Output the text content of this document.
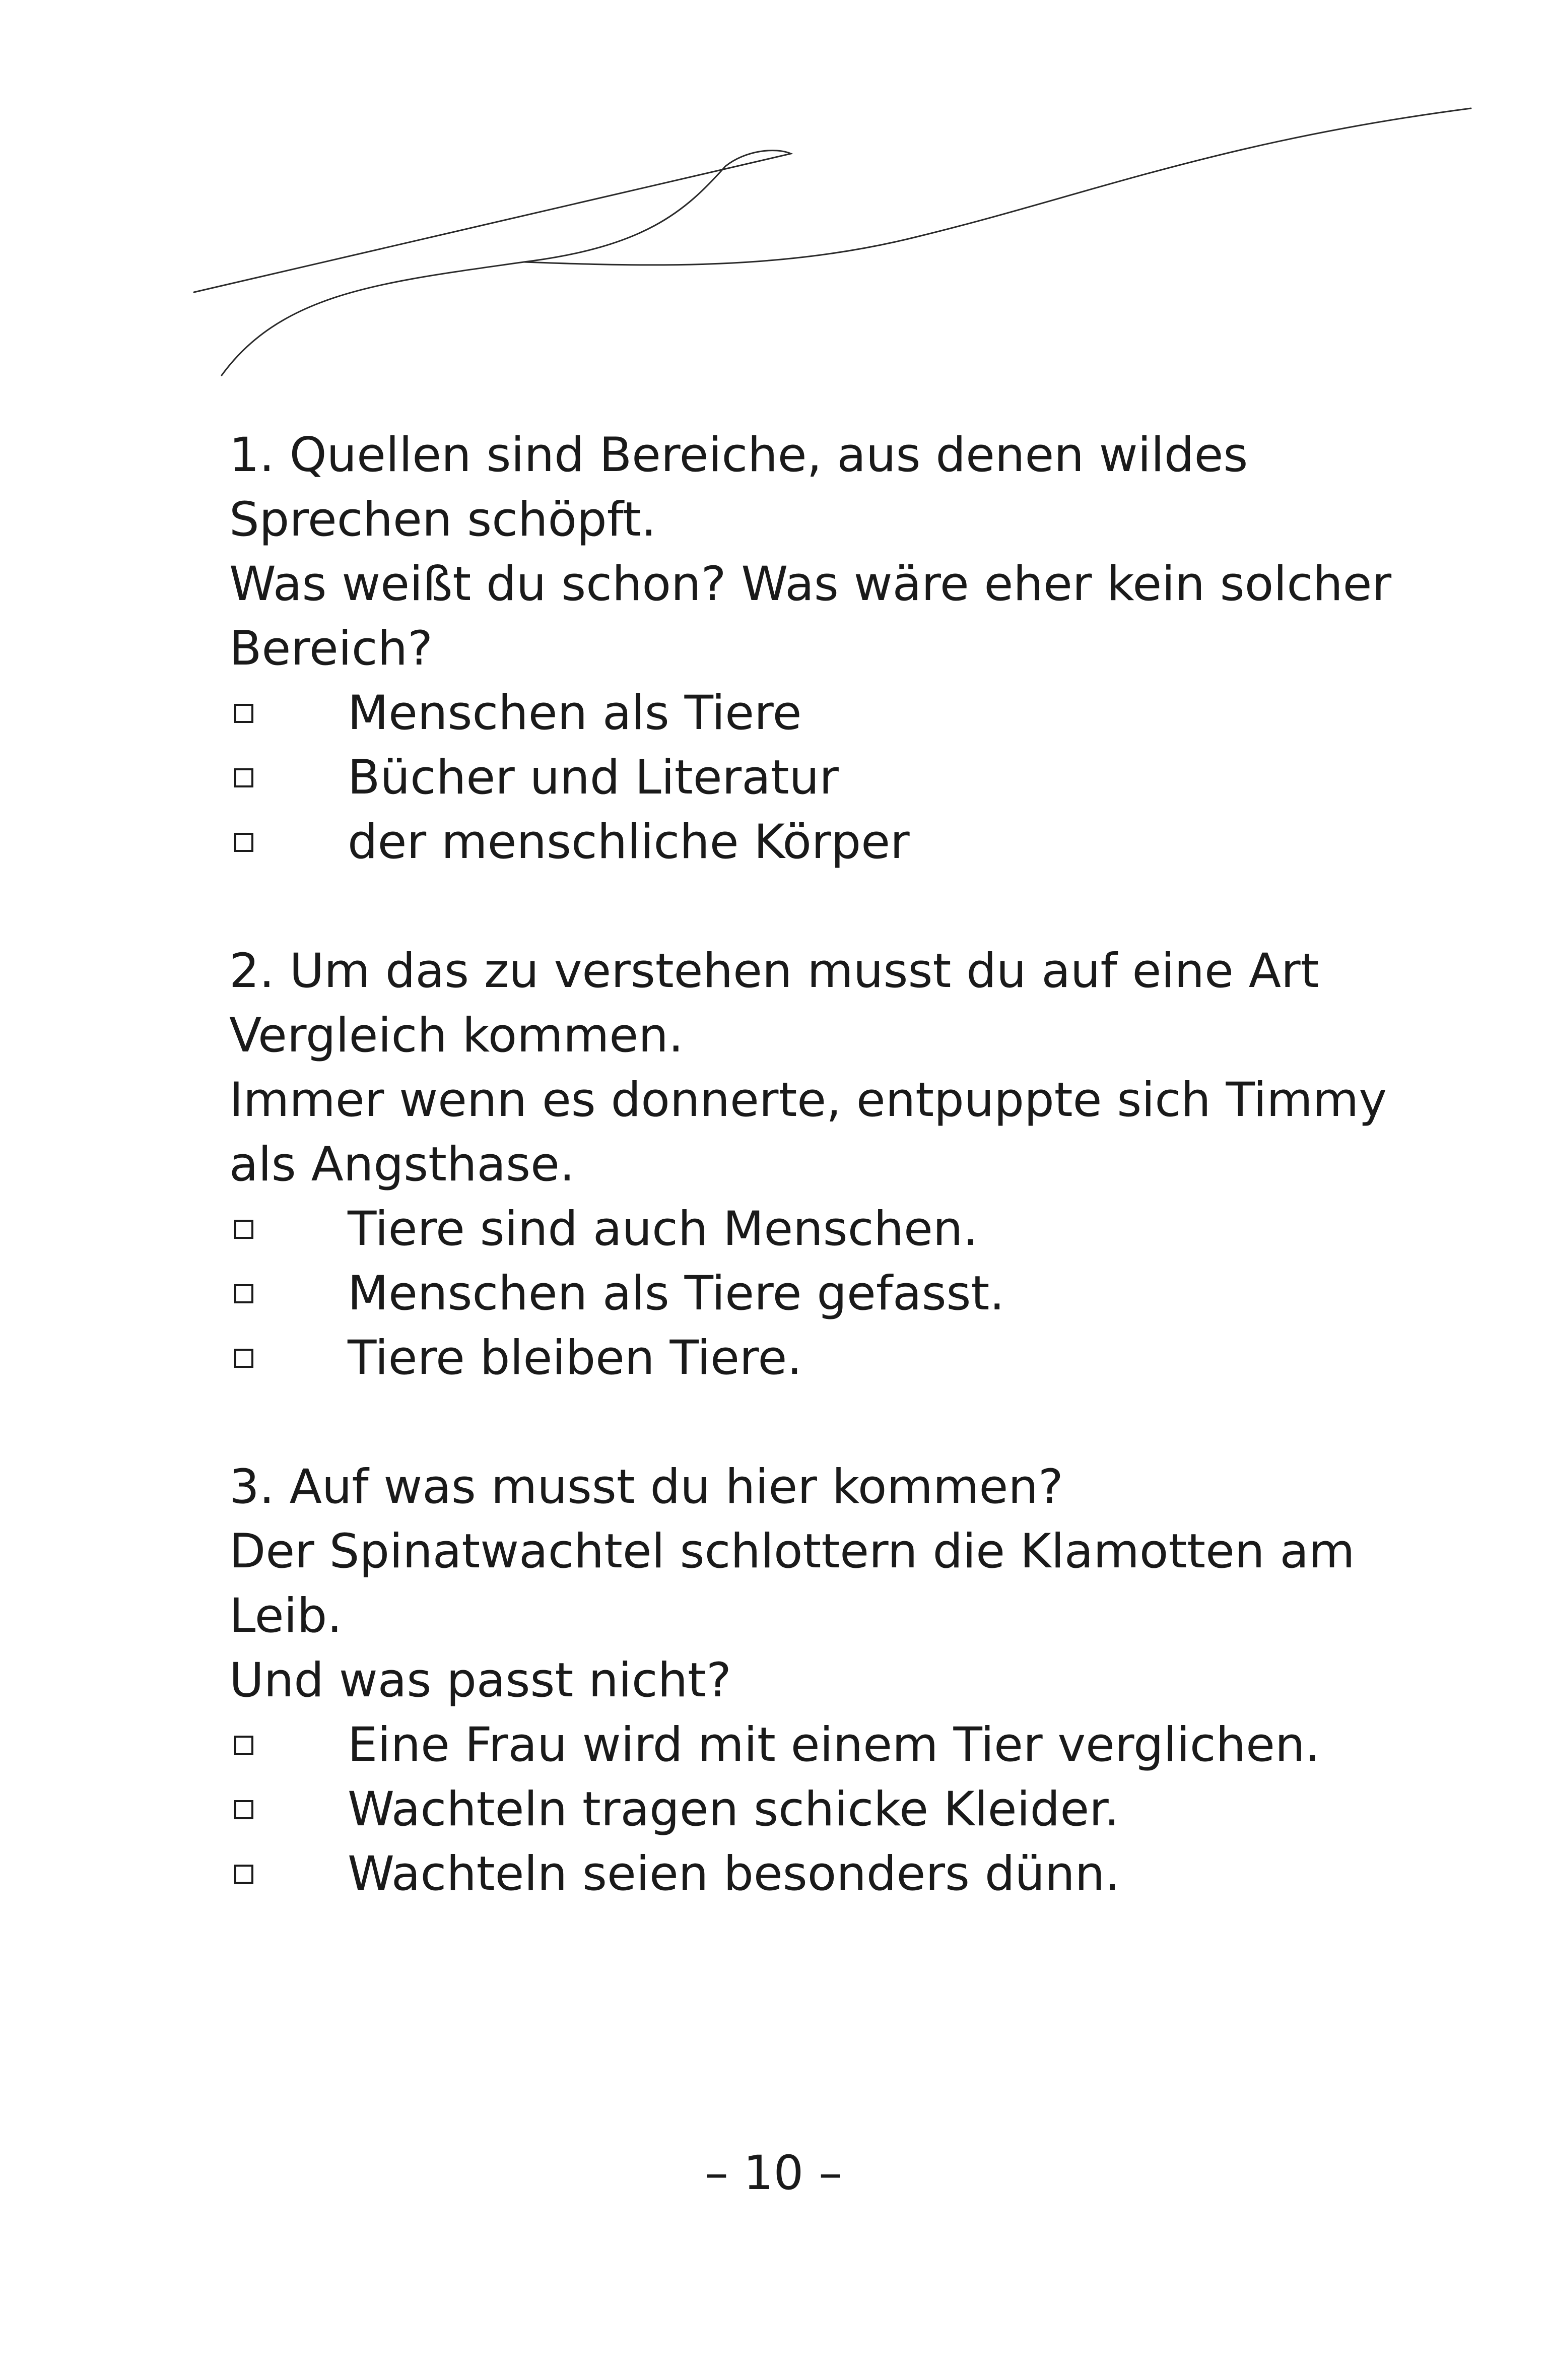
1. Quellen sind Bereiche, aus denen wildes
Sprechen schöpft.
Was weißt du schon? Was wäre eher kein solcher
Bereich?
Menschen als Tiere
Bücher und Literatur
der menschliche Körper
2. Um das zu verstehen musst du auf eine Art
Vergleich kommen.
Immer wenn es donnerte, entpuppte sich Timmy
als Angsthase.
Tiere sind auch Menschen.
Menschen als Tiere gefasst.
Tiere bleiben Tiere.
3. Auf was musst du hier kommen?
Der Spinatwachtel schlottern die Klamotten am
Leib.
Und was passt nicht?
Eine Frau wird mit einem Tier verglichen.
Wachteln tragen schicke Kleider.
Wachteln seien besonders dünn.
– 10 –
